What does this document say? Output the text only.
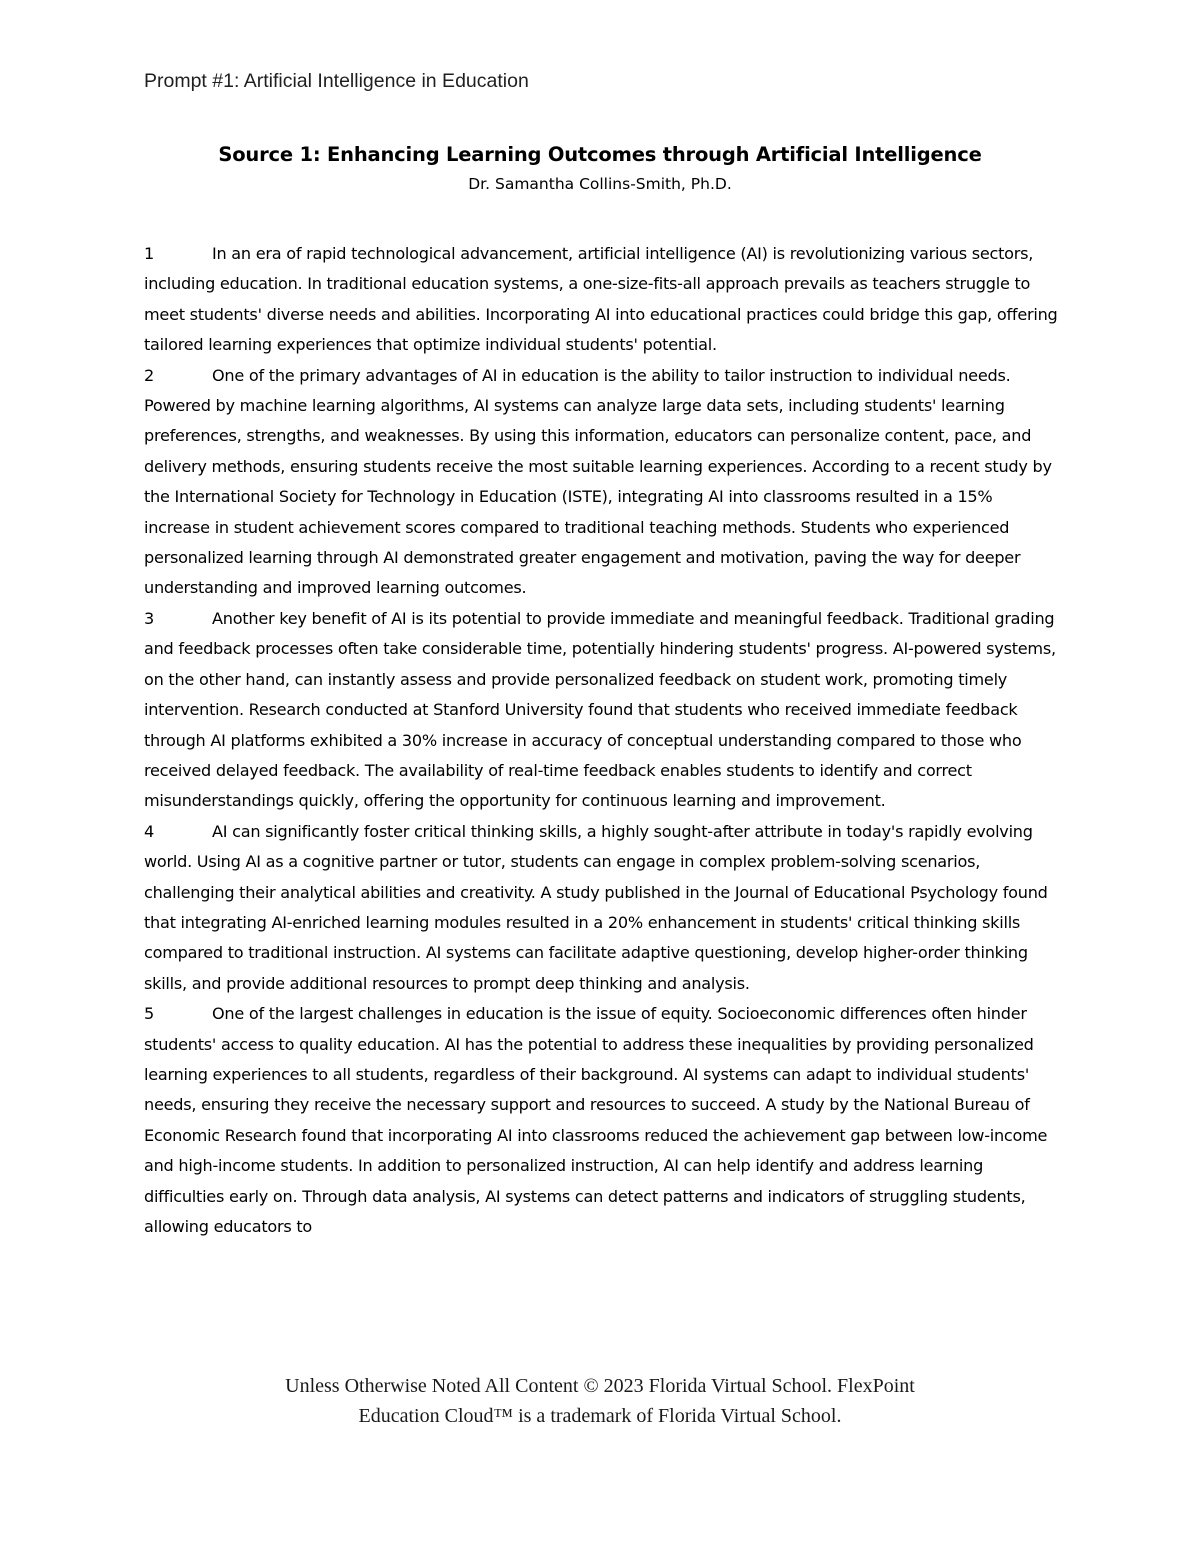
Prompt #1: Artificial Intelligence in Education
Source 1: Enhancing Learning Outcomes through Artificial Intelligence
Dr. Samantha Collins-Smith, Ph.D.

1	In an era of rapid technological advancement, artificial intelligence (AI) is revolutionizing various sectors, including education. In traditional education systems, a one-size-fits-all approach prevails as teachers struggle to meet students' diverse needs and abilities. Incorporating AI into educational practices could bridge this gap, offering tailored learning experiences that optimize individual students' potential.

2	One of the primary advantages of AI in education is the ability to tailor instruction to individual needs. Powered by machine learning algorithms, AI systems can analyze large data sets, including students' learning preferences, strengths, and weaknesses. By using this information, educators can personalize content, pace, and delivery methods, ensuring students receive the most suitable learning experiences. According to a recent study by the International Society for Technology in Education (ISTE), integrating AI into classrooms resulted in a 15% increase in student achievement scores compared to traditional teaching methods. Students who experienced personalized learning through AI demonstrated greater engagement and motivation, paving the way for deeper understanding and improved learning outcomes.

3	Another key benefit of AI is its potential to provide immediate and meaningful feedback. Traditional grading and feedback processes often take considerable time, potentially hindering students' progress. AI-powered systems, on the other hand, can instantly assess and provide personalized feedback on student work, promoting timely intervention. Research conducted at Stanford University found that students who received immediate feedback through AI platforms exhibited a 30% increase in accuracy of conceptual understanding compared to those who received delayed feedback. The availability of real-time feedback enables students to identify and correct misunderstandings quickly, offering the opportunity for continuous learning and improvement.

4	AI can significantly foster critical thinking skills, a highly sought-after attribute in today's rapidly evolving world. Using AI as a cognitive partner or tutor, students can engage in complex problem-solving scenarios, challenging their analytical abilities and creativity. A study published in the Journal of Educational Psychology found that integrating AI-enriched learning modules resulted in a 20% enhancement in students' critical thinking skills compared to traditional instruction. AI systems can facilitate adaptive questioning, develop higher-order thinking skills, and provide additional resources to prompt deep thinking and analysis.

5	One of the largest challenges in education is the issue of equity. Socioeconomic differences often hinder students' access to quality education. AI has the potential to address these inequalities by providing personalized learning experiences to all students, regardless of their background. AI systems can adapt to individual students' needs, ensuring they receive the necessary support and resources to succeed. A study by the National Bureau of Economic Research found that incorporating AI into classrooms reduced the achievement gap between low-income and high-income students. In addition to personalized instruction, AI can help identify and address learning difficulties early on. Through data analysis, AI systems can detect patterns and indicators of struggling students, allowing educators to

Unless Otherwise Noted All Content © 2023 Florida Virtual School. FlexPoint
Education Cloud™ is a trademark of Florida Virtual School.
